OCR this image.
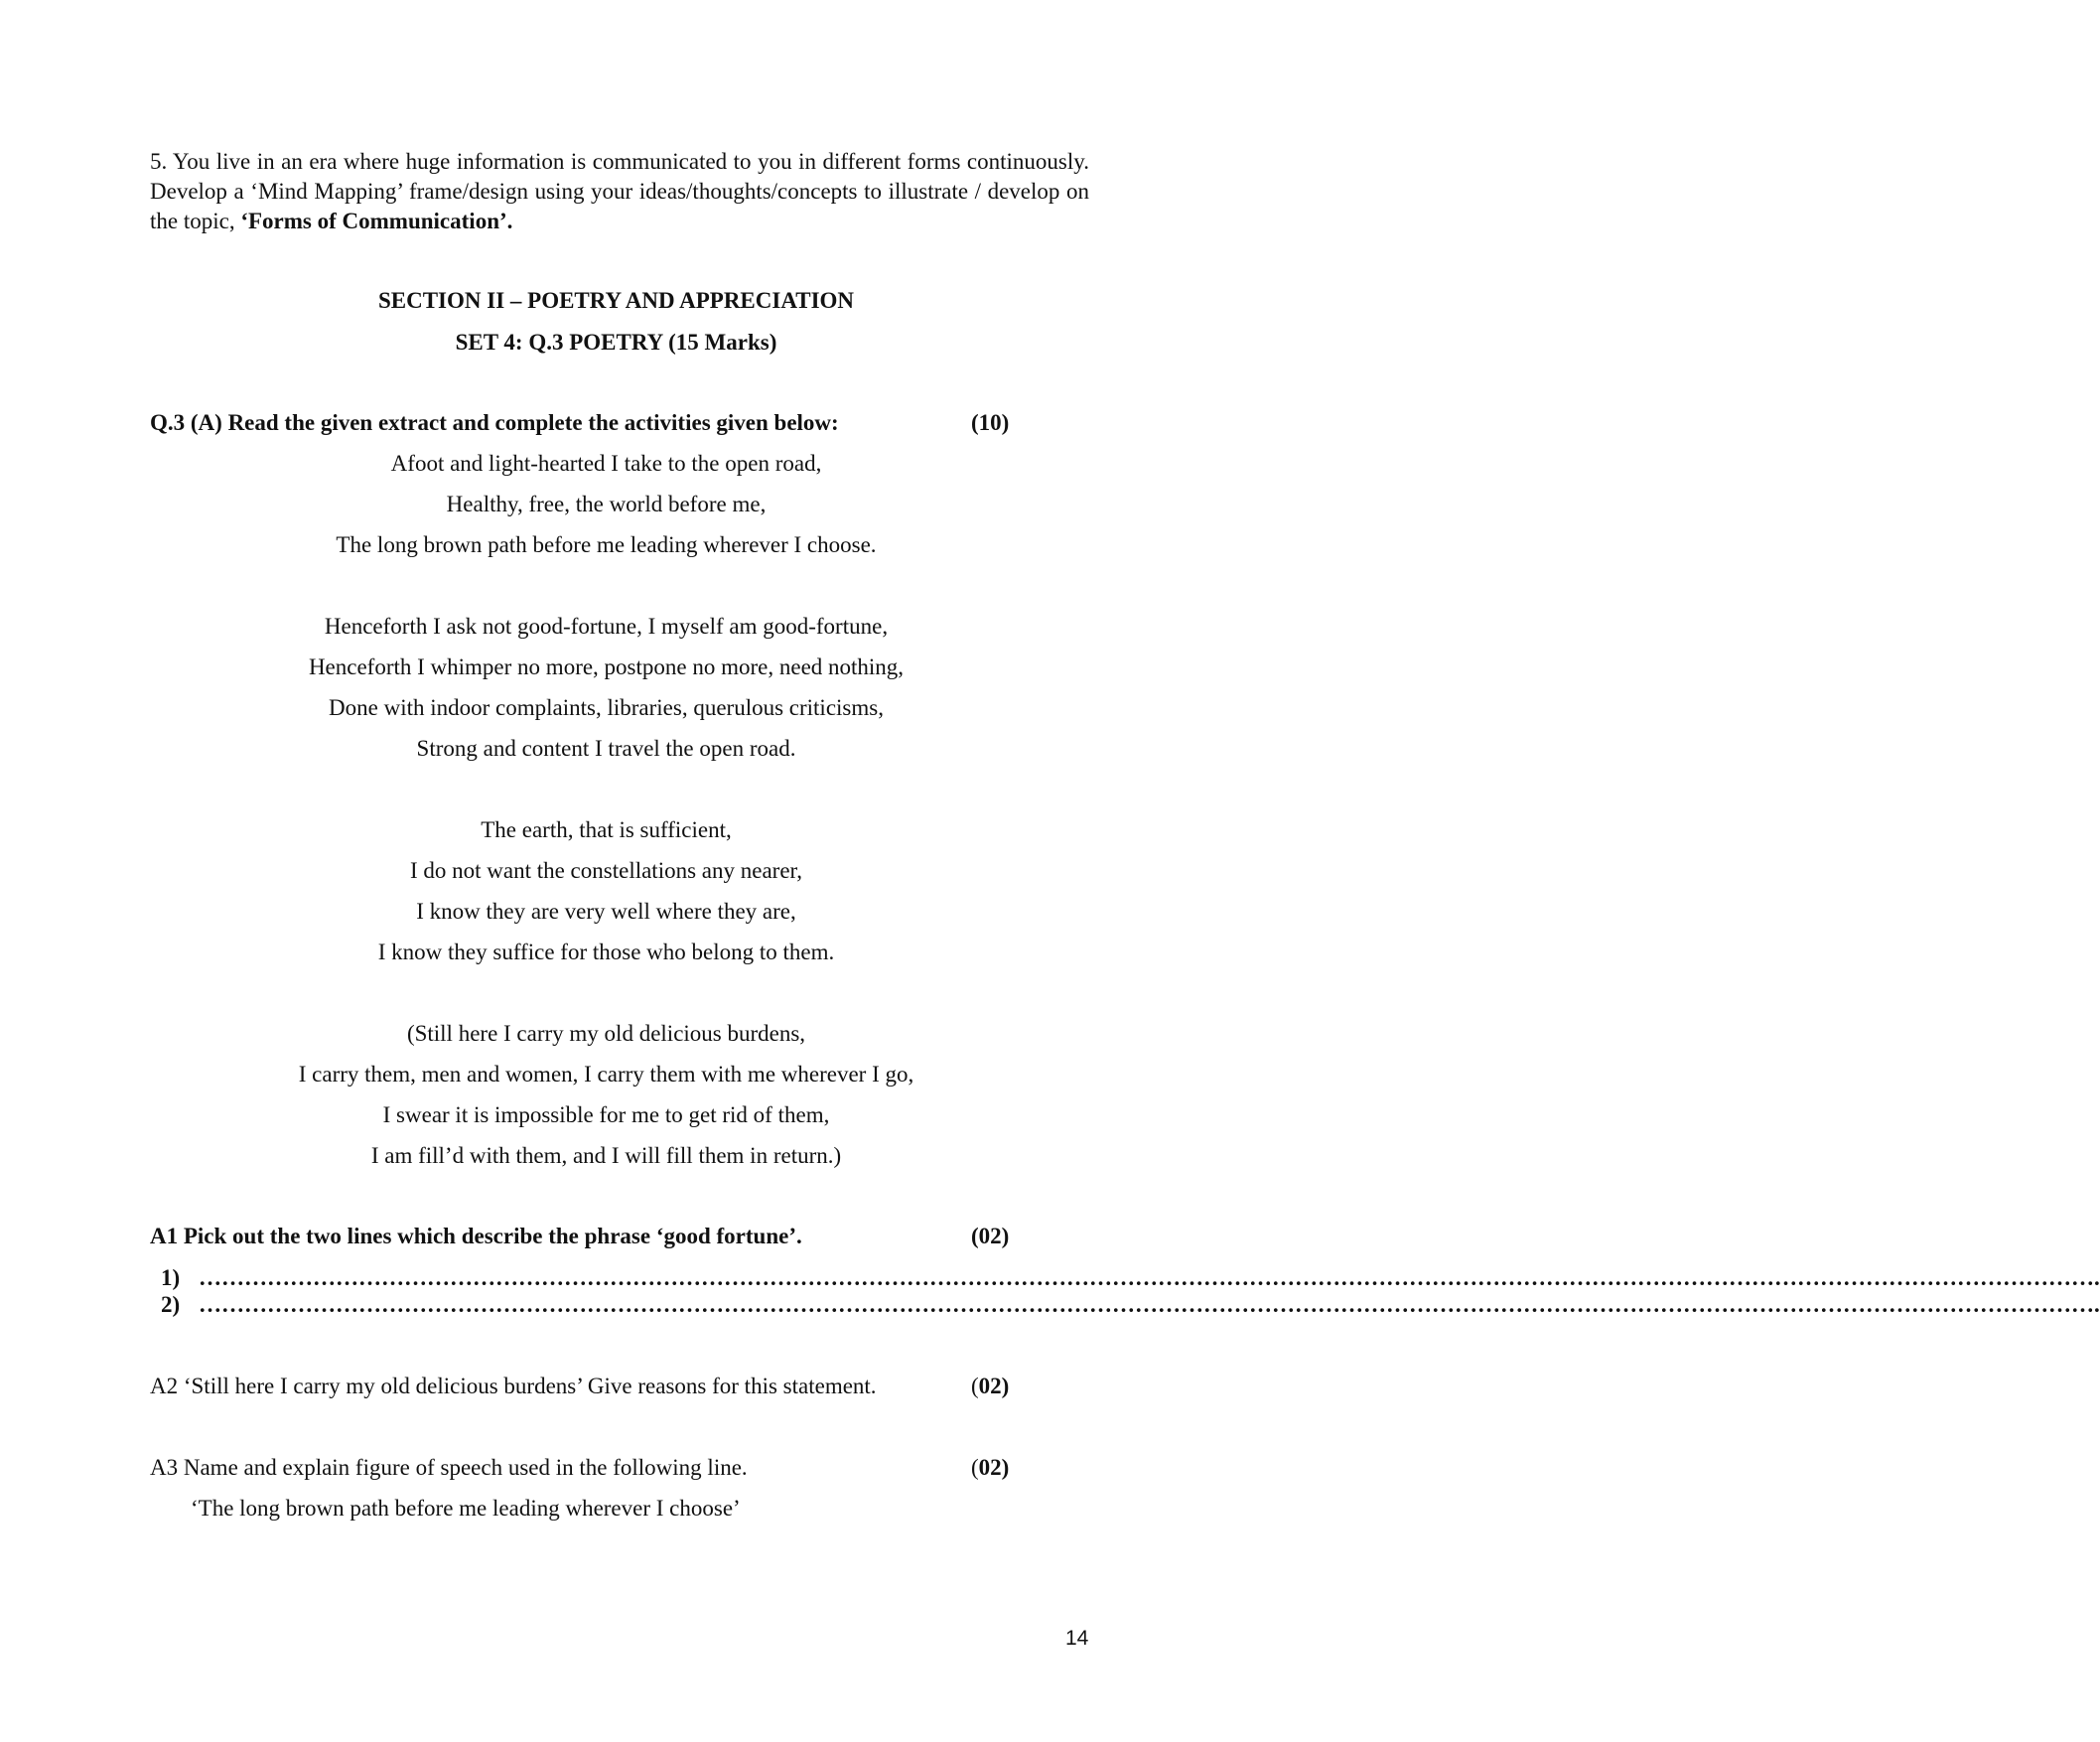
5. You live in an era where huge information is communicated to you in different forms continuously. Develop a ‘Mind Mapping’ frame/design using your ideas/thoughts/concepts to illustrate / develop on the topic, ‘Forms of Communication’.
SECTION II – POETRY AND APPRECIATION
SET 4: Q.3 POETRY (15 Marks)
Q.3 (A) Read the given extract and complete the activities given below:	(10)
Afoot and light-hearted I take to the open road,
Healthy, free, the world before me,
The long brown path before me leading wherever I choose.
Henceforth I ask not good-fortune, I myself am good-fortune,
Henceforth I whimper no more, postpone no more, need nothing,
Done with indoor complaints, libraries, querulous criticisms,
Strong and content I travel the open road.
The earth, that is sufficient,
I do not want the constellations any nearer,
I know they are very well where they are,
I know they suffice for those who belong to them.
(Still here I carry my old delicious burdens,
I carry them, men and women, I carry them with me wherever I go,
I swear it is impossible for me to get rid of them,
I am fill’d with them, and I will fill them in return.)
A1 Pick out the two lines which describe the phrase ‘good fortune’.	(02)
1) …………………………………………………………………………………………………………………………………………………………………………………………………………………………….
2) …………………………………………………………………………………………………………………………………………………………………………………………………………………………….
A2 ‘Still here I carry my old delicious burdens’ Give reasons for this statement.	(02)
A3 Name and explain figure of speech used in the following line.	(02)
‘The long brown path before me leading wherever I choose’
14
